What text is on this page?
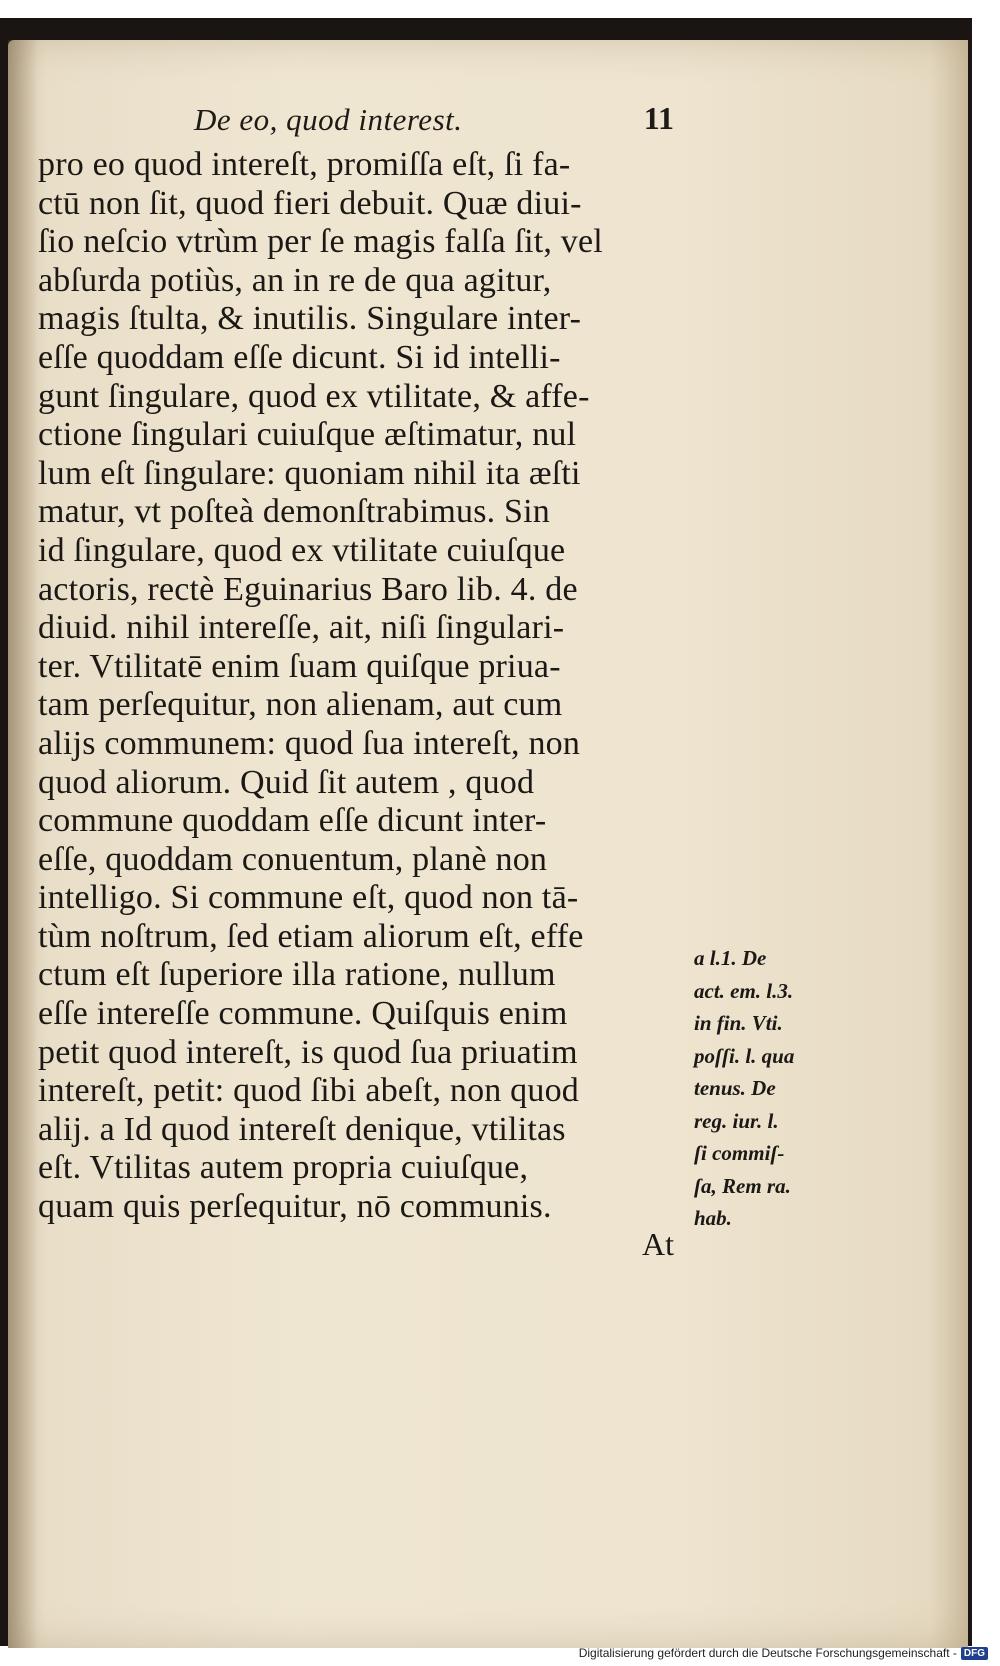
De eo, quod interest.	11
pro eo quod intereſt, promiſſa eſt, ſi fa-
ctū non ſit, quod fieri debuit. Quæ diui-
ſio neſcio vtrùm per ſe magis falſa ſit, vel
abſurda potiùs, an in re de qua agitur,
magis ſtulta, & inutilis. Singulare inter-
eſſe quoddam eſſe dicunt. Si id intelli-
gunt ſingulare, quod ex vtilitate, & affe-
ctione ſingulari cuiuſque æſtimatur, nul
lum eſt ſingulare: quoniam nihil ita æſti
matur, vt poſteà demonſtrabimus. Sin
id ſingulare, quod ex vtilitate cuiuſque
actoris, rectè Eguinarius Baro lib. 4. de
diuid. nihil intereſſe, ait, niſi ſingulari-
ter. Vtilitatē enim ſuam quiſque priua-
tam perſequitur, non alienam, aut cum
alijs communem: quod ſua intereſt, non
quod aliorum. Quid ſit autem , quod
commune quoddam eſſe dicunt inter-
eſſe, quoddam conuentum, planè non
intelligo. Si commune eſt, quod non tā-
tùm noſtrum, ſed etiam aliorum eſt, effe
ctum eſt ſuperiore illa ratione, nullum
eſſe intereſſe commune. Quiſquis enim
petit quod intereſt, is quod ſua priuatim
intereſt, petit: quod ſibi abeſt, non quod
alij. a Id quod intereſt denique, vtilitas
eſt. Vtilitas autem propria cuiuſque,
quam quis perſequitur, nō communis.
a l.1. De
act. em. l.3.
in fin. Vti.
poſſi. l. qua
tenus. De
reg. iur. l.
ſi commiſ-
ſa, Rem ra.
hab.
At
Digitalisierung gefördert durch die Deutsche Forschungsgemeinschaft - DFG
